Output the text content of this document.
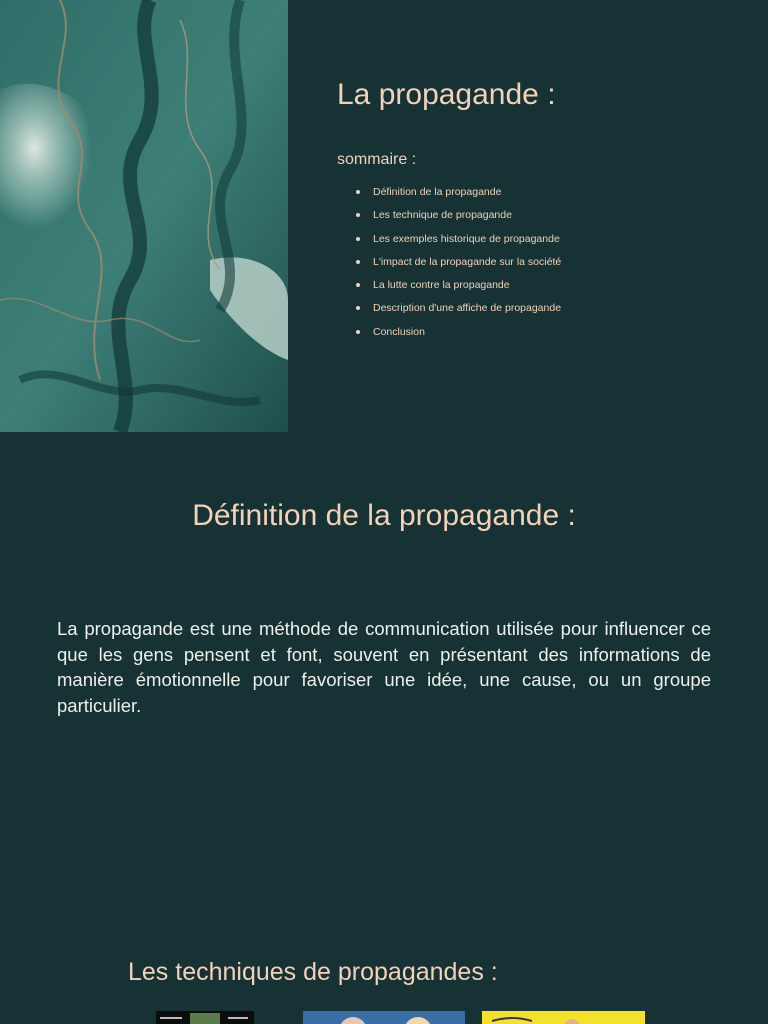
La propagande :
sommaire :
Définition de la propagande
Les technique de propagande
Les exemples historique de propagande
L'impact de la propagande sur la société
La lutte contre la propagande
Description d'une affiche de propagande
Conclusion
Définition de la propagande :

La propagande est une méthode de communication utilisée pour influencer ce que les gens pensent et font, souvent en présentant des informations de manière émotionnelle pour favoriser une idée, une cause, ou un groupe particulier.

Les techniques de propagandes :
